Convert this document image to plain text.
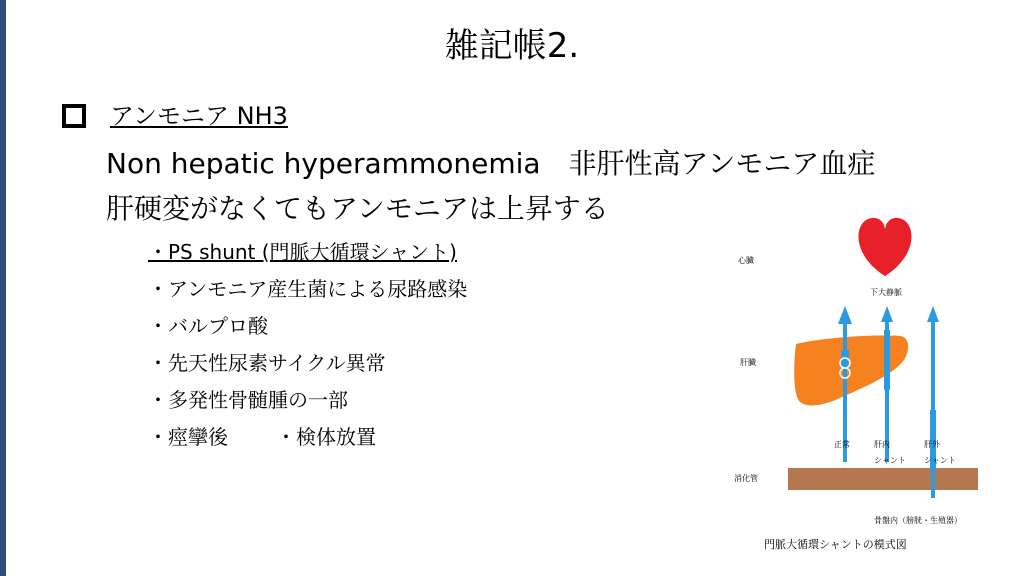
雑記帳2.
アンモニア NH3
Non hepatic hyperammonemia　非肝性高アンモニア血症
肝硬変がなくてもアンモニアは上昇する
・PS shunt (門脈大循環シャント)
・アンモニア産生菌による尿路感染
・バルプロ酸
・先天性尿素サイクル異常
・多発性骨髄腫の一部
・痙攣後 ・検体放置
心臓
下大静脈
肝臓
正常	肝内
シャント
肝外
シャント
消化管
骨盤内（膀胱・生殖器）
門脈大循環シャントの模式図
